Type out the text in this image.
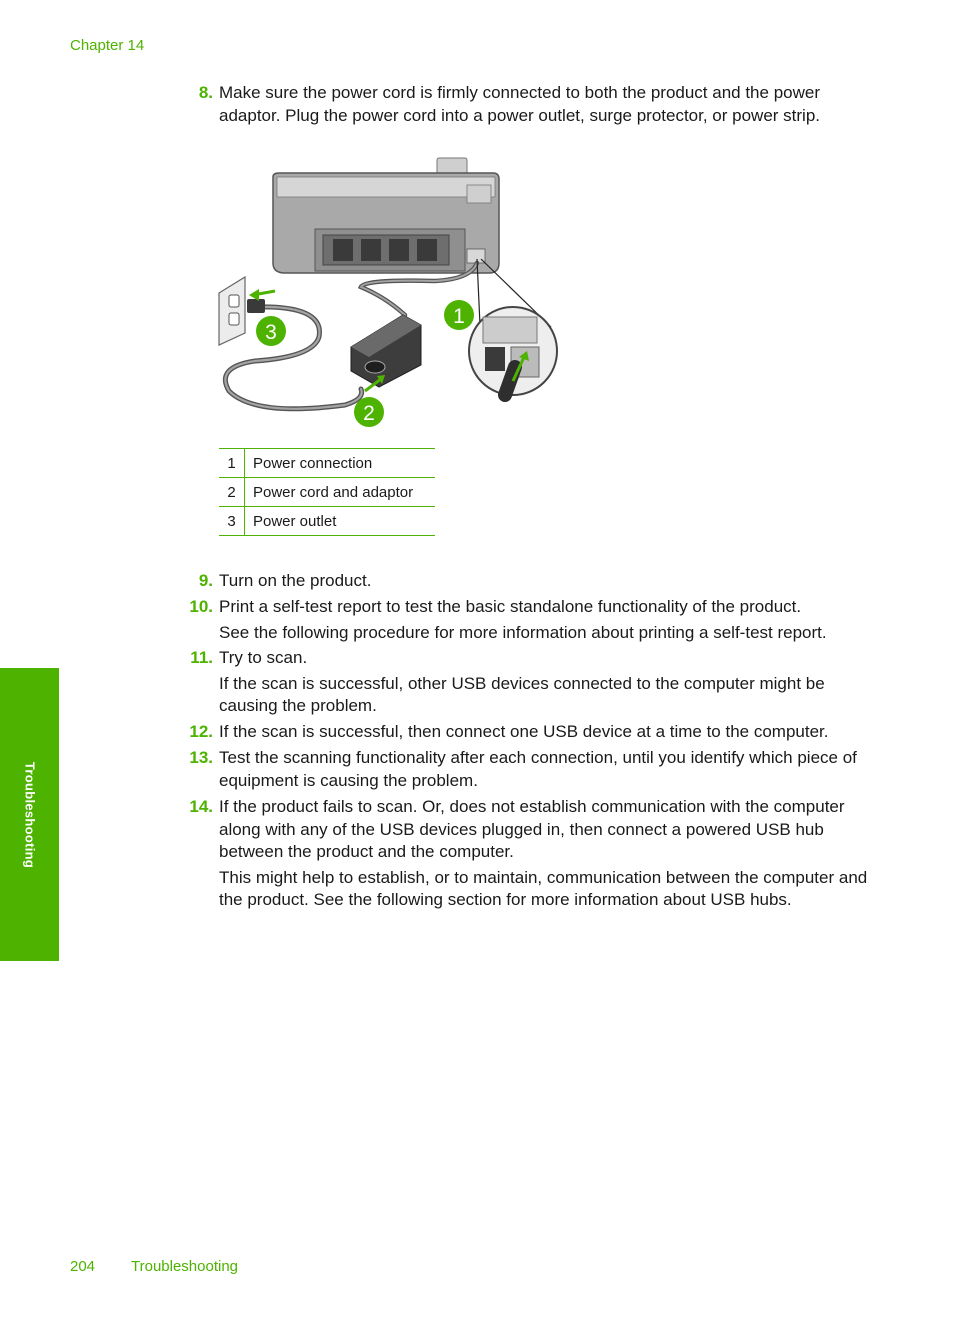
Chapter 14
Troubleshooting
8. Make sure the power cord is firmly connected to both the product and the power adaptor. Plug the power cord into a power outlet, surge protector, or power strip.

1
2
3
1	Power connection
2	Power cord and adaptor
3	Power outlet
9. Turn on the product.

10. Print a self-test report to test the basic standalone functionality of the product.

See the following procedure for more information about printing a self-test report.

11. Try to scan.

If the scan is successful, other USB devices connected to the computer might be causing the problem.

12. If the scan is successful, then connect one USB device at a time to the computer.

13. Test the scanning functionality after each connection, until you identify which piece of equipment is causing the problem.

14. If the product fails to scan. Or, does not establish communication with the computer along with any of the USB devices plugged in, then connect a powered USB hub between the product and the computer.

This might help to establish, or to maintain, communication between the computer and the product. See the following section for more information about USB hubs.

204 Troubleshooting
